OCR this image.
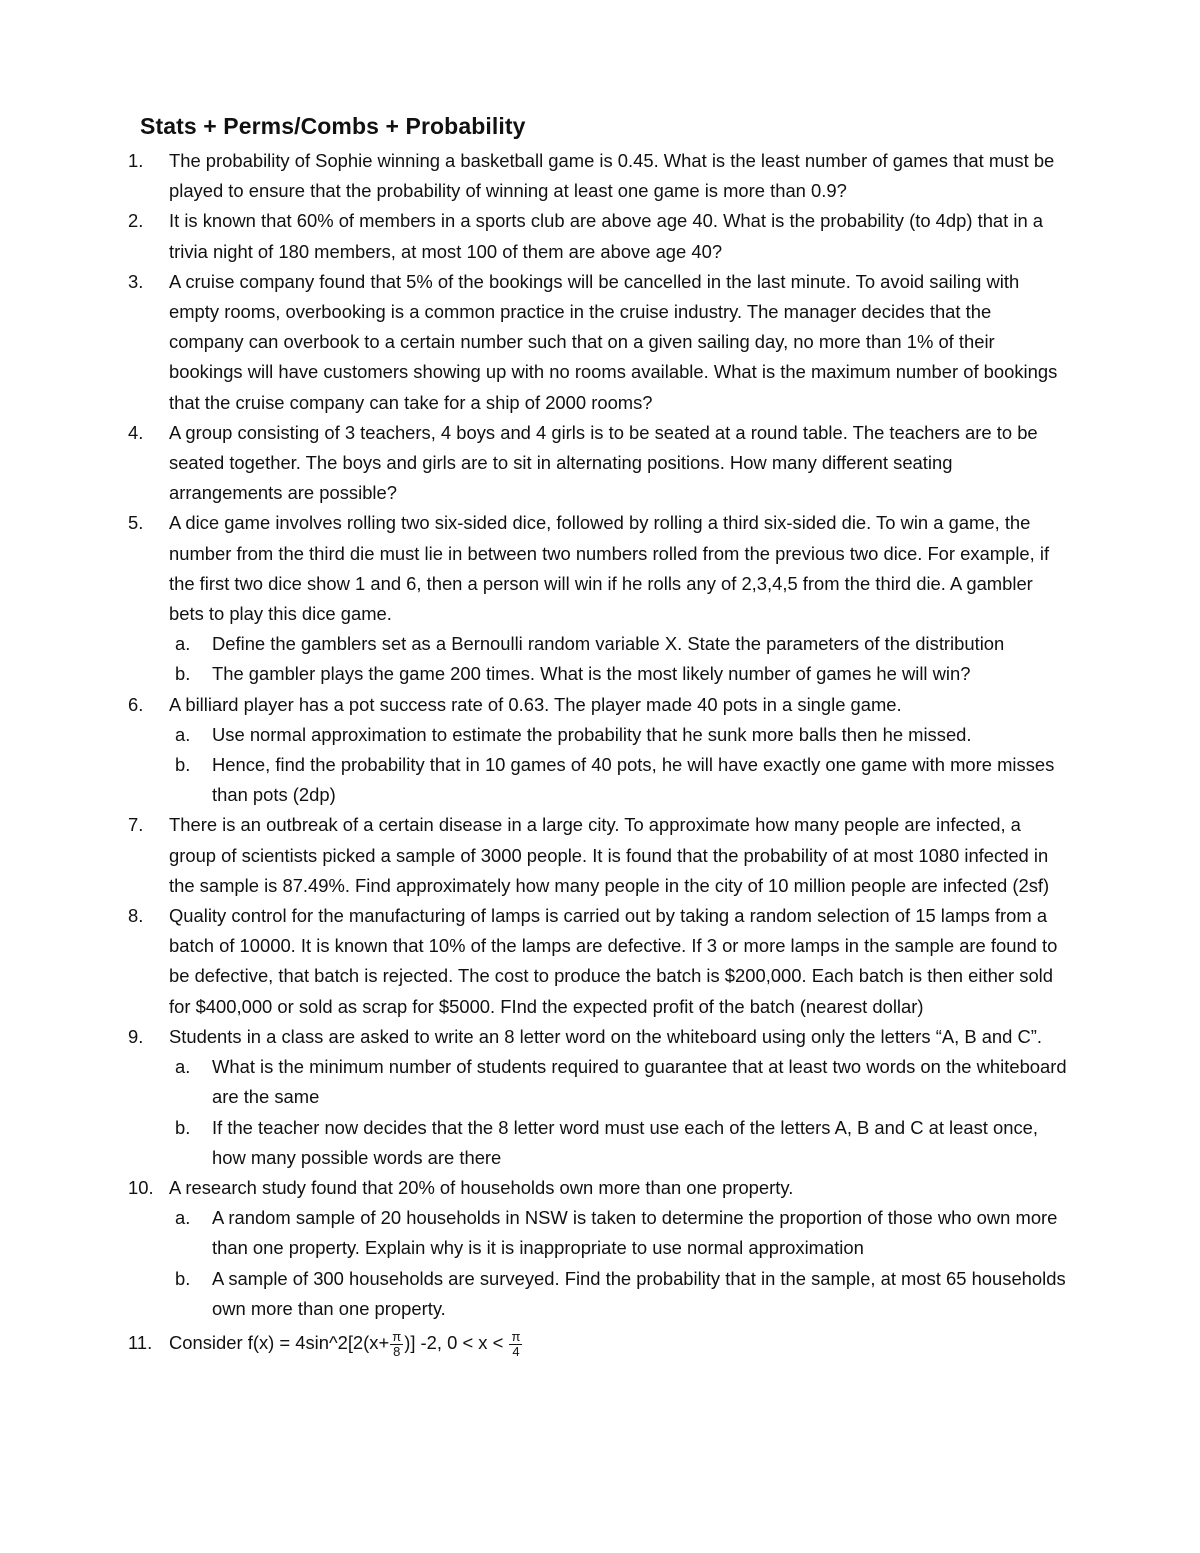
Stats + Perms/Combs + Probability
1.	The probability of Sophie winning a basketball game is 0.45. What is the least number of games that must be played to ensure that the probability of winning at least one game is more than 0.9?
2.	It is known that 60% of members in a sports club are above age 40. What is the probability (to 4dp) that in a trivia night of 180 members, at most 100 of them are above age 40?
3.	A cruise company found that 5% of the bookings will be cancelled in the last minute. To avoid sailing with empty rooms, overbooking is a common practice in the cruise industry. The manager decides that the company can overbook to a certain number such that on a given sailing day, no more than 1% of their bookings will have customers showing up with no rooms available. What is the maximum number of bookings that the cruise company can take for a ship of 2000 rooms?
4.	A group consisting of 3 teachers, 4 boys and 4 girls is to be seated at a round table. The teachers are to be seated together. The boys and girls are to sit in alternating positions. How many different seating arrangements are possible?
5.	A dice game involves rolling two six-sided dice, followed by rolling a third six-sided die. To win a game, the number from the third die must lie in between two numbers rolled from the previous two dice. For example, if the first two dice show 1 and 6, then a person will win if he rolls any of 2,3,4,5 from the third die. A gambler bets to play this dice game.
a. Define the gamblers set as a Bernoulli random variable X. State the parameters of the distribution
b. The gambler plays the game 200 times. What is the most likely number of games he will win?
6.	A billiard player has a pot success rate of 0.63. The player made 40 pots in a single game.
a. Use normal approximation to estimate the probability that he sunk more balls then he missed.
b. Hence, find the probability that in 10 games of 40 pots, he will have exactly one game with more misses than pots (2dp)
7.	There is an outbreak of a certain disease in a large city. To approximate how many people are infected, a group of scientists picked a sample of 3000 people. It is found that the probability of at most 1080 infected in the sample is 87.49%. Find approximately how many people in the city of 10 million people are infected (2sf)
8.	Quality control for the manufacturing of lamps is carried out by taking a random selection of 15 lamps from a batch of 10000. It is known that 10% of the lamps are defective. If 3 or more lamps in the sample are found to be defective, that batch is rejected. The cost to produce the batch is $200,000. Each batch is then either sold for $400,000 or sold as scrap for $5000. FInd the expected profit of the batch (nearest dollar)
9.	Students in a class are asked to write an 8 letter word on the whiteboard using only the letters “A, B and C”.
a. What is the minimum number of students required to guarantee that at least two words on the whiteboard are the same
b. If the teacher now decides that the 8 letter word must use each of the letters A, B and C at least once, how many possible words are there
10. A research study found that 20% of households own more than one property.
a. A random sample of 20 households in NSW is taken to determine the proportion of those who own more than one property. Explain why is it is inappropriate to use normal approximation
b. A sample of 300 households are surveyed. Find the probability that in the sample, at most 65 households own more than one property.
11. Consider f(x) = 4sin^2[2(x+ $\frac{\pi}{8}$ )] -2, $0 < x < \frac{\pi}{4}$
